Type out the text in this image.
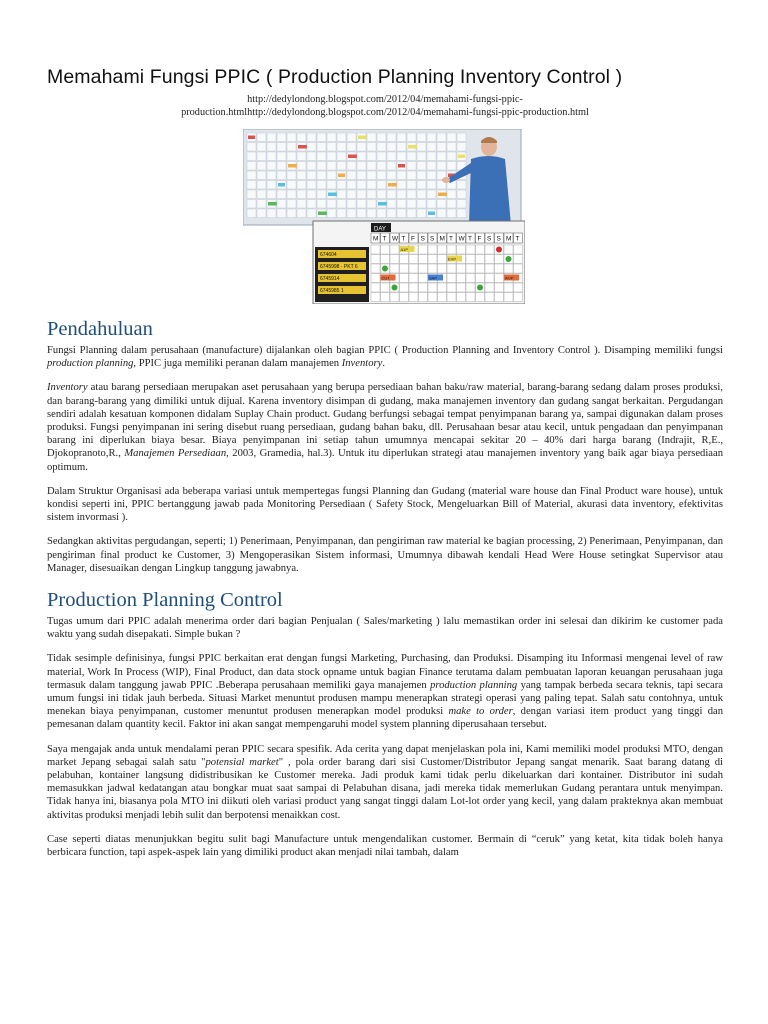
Memahami Fungsi PPIC ( Production Planning Inventory Control )
http://dedylondong.blogspot.com/2012/04/memahami-fungsi-ppic-
production.htmlhttp://dedylondong.blogspot.com/2012/04/memahami-fungsi-ppic-production.html
674604
6745998 · PKT 6
6745914
6745985 1
DAY
M T W T F S S M T W T F S S M T
A1P
EXP
CUT	SAP	AOP
Pendahuluan

Fungsi Planning dalam perusahaan (manufacture) dijalankan oleh bagian PPIC ( Production Planning and Inventory Control ). Disamping memiliki fungsi production planning, PPIC juga memiliki peranan dalam manajemen Inventory.

Inventory atau barang persediaan merupakan aset perusahaan yang berupa persediaan bahan baku/raw material, barang-barang sedang dalam proses produksi, dan barang-barang yang dimiliki untuk dijual. Karena inventory disimpan di gudang, maka manajemen inventory dan gudang sangat berkaitan. Pergudangan sendiri adalah kesatuan komponen didalam Suplay Chain product. Gudang berfungsi sebagai tempat penyimpanan barang ya, sampai digunakan dalam proses produksi. Fungsi penyimpanan ini sering disebut ruang persediaan, gudang bahan baku, dll. Perusahaan besar atau kecil, untuk pengadaan dan penyimpanan barang ini diperlukan biaya besar. Biaya penyimpanan ini setiap tahun umumnya mencapai sekitar 20 – 40% dari harga barang (Indrajit, R,E., Djokopranoto,R., Manajemen Persediaan, 2003, Gramedia, hal.3). Untuk itu diperlukan strategi atau manajemen inventory yang baik agar biaya persediaan optimum.

Dalam Struktur Organisasi ada beberapa variasi untuk mempertegas fungsi Planning dan Gudang (material ware house dan Final Product ware house), untuk kondisi seperti ini, PPIC bertanggung jawab pada Monitoring Persediaan ( Safety Stock, Mengeluarkan Bill of Material, akurasi data inventory, efektivitas sistem invormasi ).

Sedangkan aktivitas pergudangan, seperti; 1) Penerimaan, Penyimpanan, dan pengiriman raw material ke bagian processing, 2) Penerimaan, Penyimpanan, dan pengiriman final product ke Customer, 3) Mengoperasikan Sistem informasi, Umumnya dibawah kendali Head Were House setingkat Supervisor atau Manager, disesuaikan dengan Lingkup tanggung jawabnya.

Production Planning Control

Tugas umum dari PPIC adalah menerima order dari bagian Penjualan ( Sales/marketing ) lalu memastikan order ini selesai dan dikirim ke customer pada waktu yang sudah disepakati. Simple bukan ?

Tidak sesimple definisinya, fungsi PPIC berkaitan erat dengan fungsi Marketing, Purchasing, dan Produksi. Disamping itu Informasi mengenai level of raw material, Work In Process (WIP), Final Product, dan data stock opname untuk bagian Finance terutama dalam pembuatan laporan keuangan perusahaan juga termasuk dalam tanggung jawab PPIC .Beberapa perusahaan memiliki gaya manajemen production planning yang tampak berbeda secara teknis, tapi secara umum fungsi ini tidak jauh berbeda. Situasi Market menuntut produsen mampu menerapkan strategi operasi yang paling tepat. Salah satu contohnya, untuk menekan biaya penyimpanan, customer menuntut produsen menerapkan model produksi make to order, dengan variasi item product yang tinggi dan pemesanan dalam quantity kecil. Faktor ini akan sangat mempengaruhi model system planning diperusahaan tersebut.

Saya mengajak anda untuk mendalami peran PPIC secara spesifik. Ada cerita yang dapat menjelaskan pola ini, Kami memiliki model produksi MTO, dengan market Jepang sebagai salah satu "potensial market" , pola order barang dari sisi Customer/Distributor Jepang sangat menarik. Saat barang datang di pelabuhan, kontainer langsung didistribusikan ke Customer mereka. Jadi produk kami tidak perlu dikeluarkan dari kontainer. Distributor ini sudah memasukkan jadwal kedatangan atau bongkar muat saat sampai di Pelabuhan disana, jadi mereka tidak memerlukan Gudang perantara untuk menyimpan. Tidak hanya ini, biasanya pola MTO ini diikuti oleh variasi product yang sangat tinggi dalam Lot-lot order yang kecil, yang dalam prakteknya akan membuat aktivitas produksi menjadi lebih sulit dan berpotensi menaikkan cost.

Case seperti diatas menunjukkan begitu sulit bagi Manufacture untuk mengendalikan customer. Bermain di “ceruk” yang ketat, kita tidak boleh hanya berbicara function, tapi aspek-aspek lain yang dimiliki product akan menjadi nilai tambah, dalam
